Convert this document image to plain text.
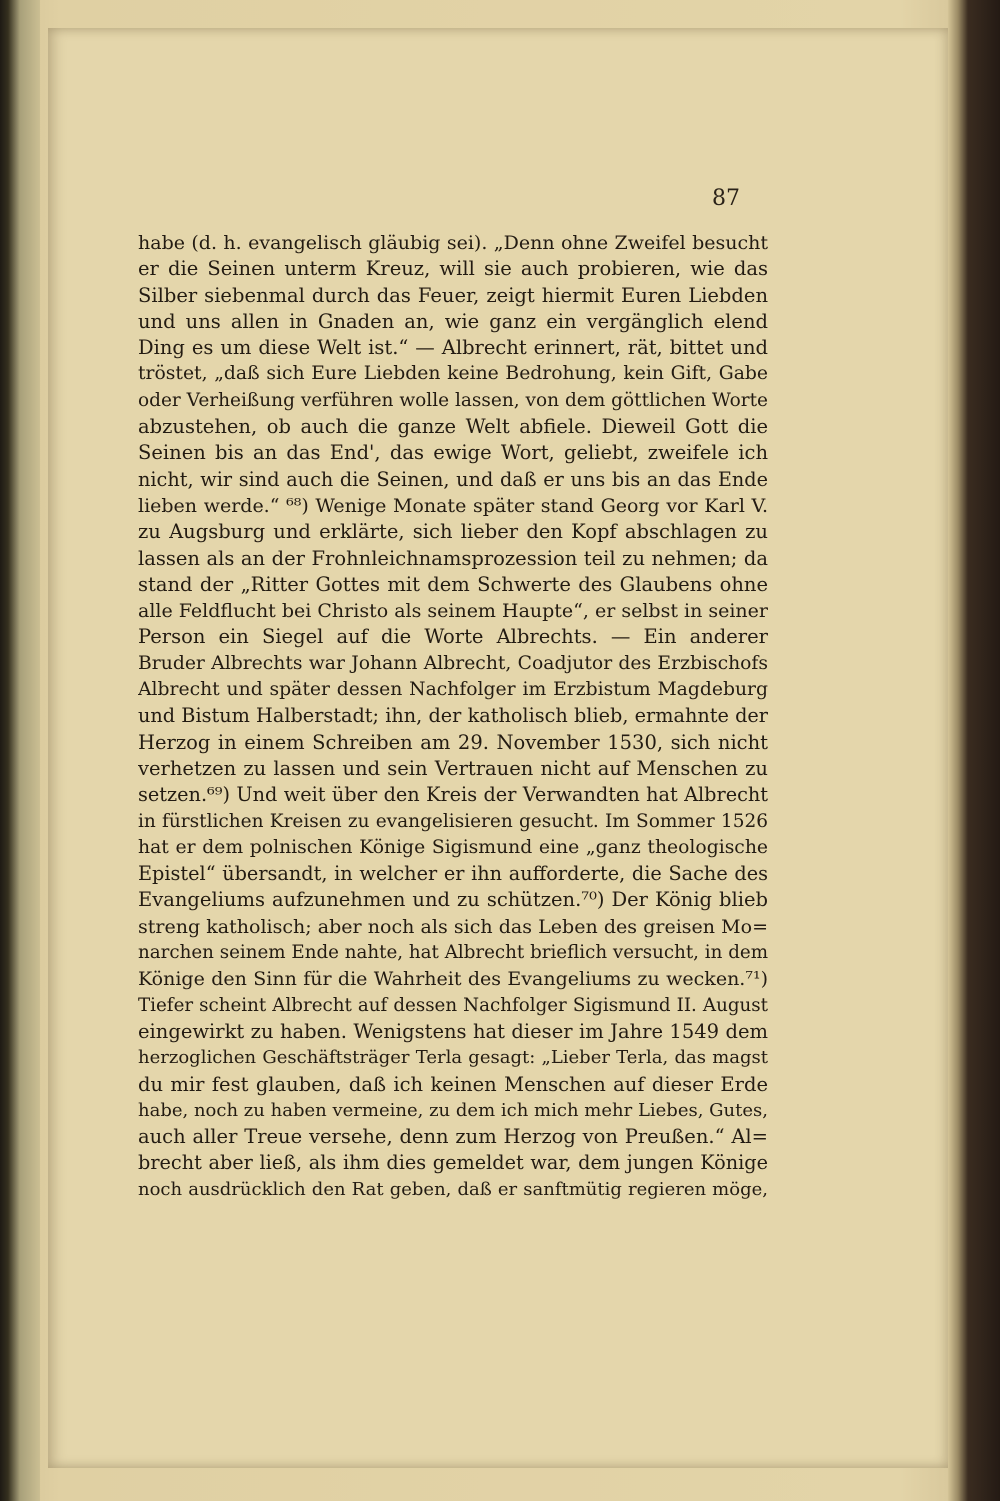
87
habe (d. h. evangelisch gläubig sei). „Denn ohne Zweifel besucht
er die Seinen unterm Kreuz, will sie auch probieren, wie das
Silber siebenmal durch das Feuer, zeigt hiermit Euren Liebden
und uns allen in Gnaden an, wie ganz ein vergänglich elend
Ding es um diese Welt ist.“ — Albrecht erinnert, rät, bittet und
tröstet, „daß sich Eure Liebden keine Bedrohung, kein Gift, Gabe
oder Verheißung verführen wolle lassen, von dem göttlichen Worte
abzustehen, ob auch die ganze Welt abfiele. Dieweil Gott die
Seinen bis an das End', das ewige Wort, geliebt, zweifele ich
nicht, wir sind auch die Seinen, und daß er uns bis an das Ende
lieben werde.“ ⁶⁸) Wenige Monate später stand Georg vor Karl V.
zu Augsburg und erklärte, sich lieber den Kopf abschlagen zu
lassen als an der Frohnleichnamsprozession teil zu nehmen; da
stand der „Ritter Gottes mit dem Schwerte des Glaubens ohne
alle Feldflucht bei Christo als seinem Haupte“, er selbst in seiner
Person ein Siegel auf die Worte Albrechts. — Ein anderer
Bruder Albrechts war Johann Albrecht, Coadjutor des Erzbischofs
Albrecht und später dessen Nachfolger im Erzbistum Magdeburg
und Bistum Halberstadt; ihn, der katholisch blieb, ermahnte der
Herzog in einem Schreiben am 29. November 1530, sich nicht
verhetzen zu lassen und sein Vertrauen nicht auf Menschen zu
setzen.⁶⁹) Und weit über den Kreis der Verwandten hat Albrecht
in fürstlichen Kreisen zu evangelisieren gesucht. Im Sommer 1526
hat er dem polnischen Könige Sigismund eine „ganz theologische
Epistel“ übersandt, in welcher er ihn aufforderte, die Sache des
Evangeliums aufzunehmen und zu schützen.⁷⁰) Der König blieb
streng katholisch; aber noch als sich das Leben des greisen Mo=
narchen seinem Ende nahte, hat Albrecht brieflich versucht, in dem
Könige den Sinn für die Wahrheit des Evangeliums zu wecken.⁷¹)
Tiefer scheint Albrecht auf dessen Nachfolger Sigismund II. August
eingewirkt zu haben. Wenigstens hat dieser im Jahre 1549 dem
herzoglichen Geschäftsträger Terla gesagt: „Lieber Terla, das magst
du mir fest glauben, daß ich keinen Menschen auf dieser Erde
habe, noch zu haben vermeine, zu dem ich mich mehr Liebes, Gutes,
auch aller Treue versehe, denn zum Herzog von Preußen.“ Al=
brecht aber ließ, als ihm dies gemeldet war, dem jungen Könige
noch ausdrücklich den Rat geben, daß er sanftmütig regieren möge,
